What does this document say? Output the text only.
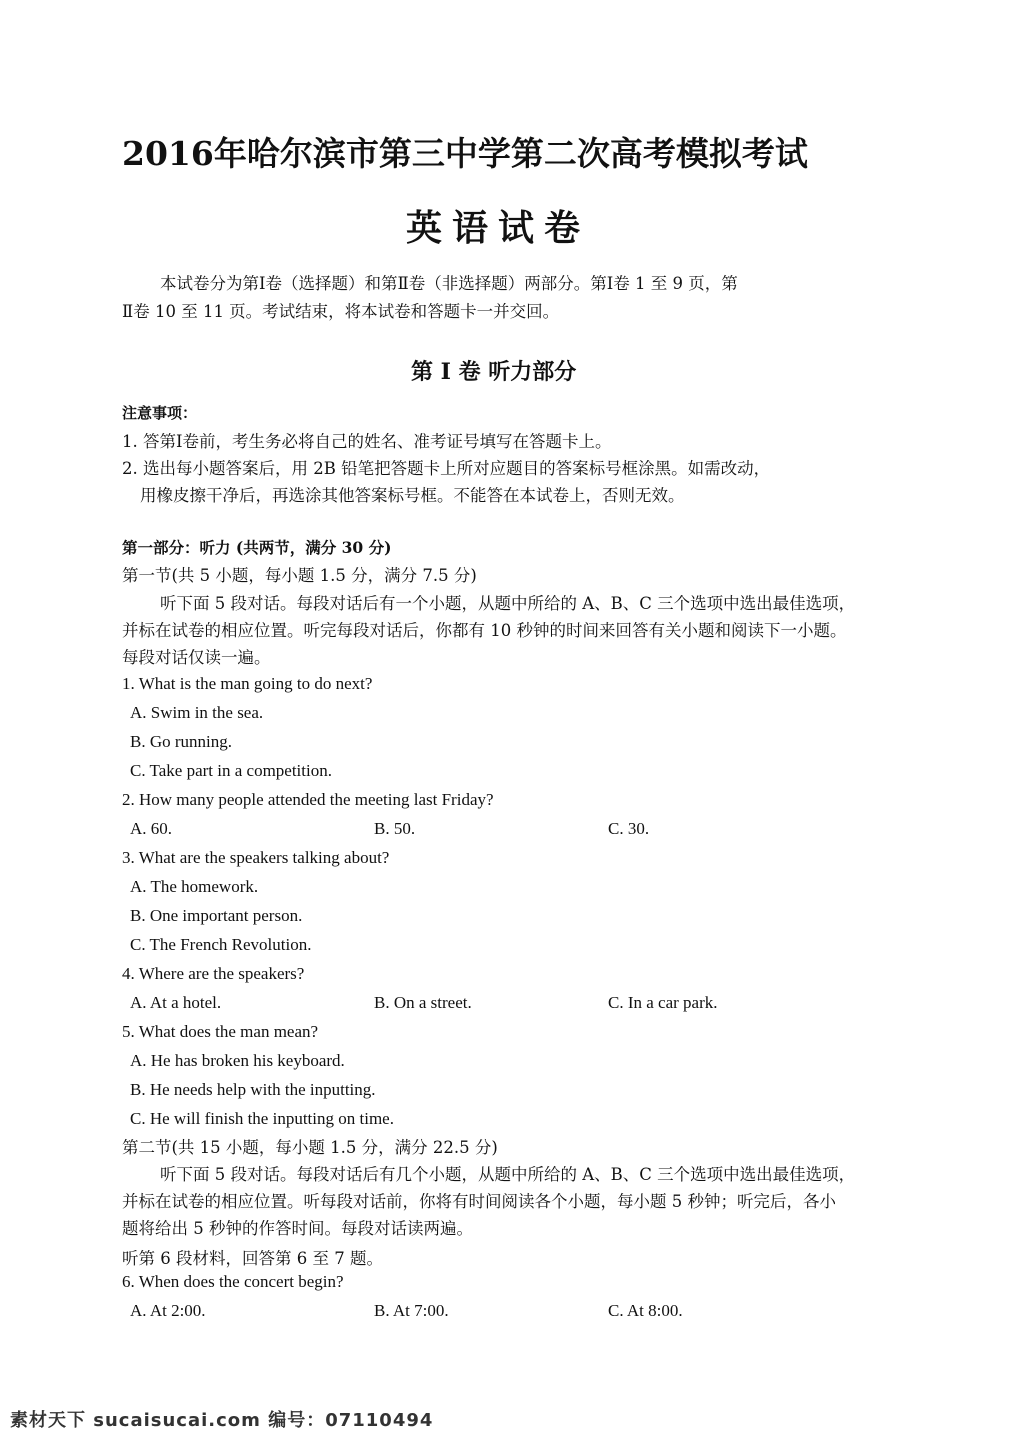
2016年哈尔滨市第三中学第二次高考模拟考试
英语试卷
本试卷分为第Ⅰ卷（选择题）和第Ⅱ卷（非选择题）两部分。第Ⅰ卷 1 至 9 页，第
Ⅱ卷 10 至 11 页。考试结束，将本试卷和答题卡一并交回。
第 Ⅰ 卷 听力部分
注意事项：
1. 答第Ⅰ卷前，考生务必将自己的姓名、准考证号填写在答题卡上。
2. 选出每小题答案后，用 2B 铅笔把答题卡上所对应题目的答案标号框涂黑。如需改动，
用橡皮擦干净后，再选涂其他答案标号框。不能答在本试卷上，否则无效。
第一部分：听力 (共两节，满分 30 分)
第一节(共 5 小题，每小题 1.5 分，满分 7.5 分)
听下面 5 段对话。每段对话后有一个小题，从题中所给的 A、B、C 三个选项中选出最佳选项，
并标在试卷的相应位置。听完每段对话后，你都有 10 秒钟的时间来回答有关小题和阅读下一小题。
每段对话仅读一遍。
1. What is the man going to do next?
A. Swim in the sea.
B. Go running.
C. Take part in a competition.
2. How many people attended the meeting last Friday?
A. 60.	B. 50.	C. 30.
3. What are the speakers talking about?
A. The homework.
B. One important person.
C. The French Revolution.
4. Where are the speakers?
A. At a hotel.	B. On a street.	C. In a car park.
5. What does the man mean?
A. He has broken his keyboard.
B. He needs help with the inputting.
C. He will finish the inputting on time.
第二节(共 15 小题，每小题 1.5 分，满分 22.5 分)
听下面 5 段对话。每段对话后有几个小题，从题中所给的 A、B、C 三个选项中选出最佳选项，
并标在试卷的相应位置。听每段对话前，你将有时间阅读各个小题，每小题 5 秒钟；听完后，各小
题将给出 5 秒钟的作答时间。每段对话读两遍。
听第 6 段材料，回答第 6 至 7 题。
6. When does the concert begin?
A. At 2:00.	B. At 7:00.	C. At 8:00.
素材天下 sucaisucai.com 编号：07110494
